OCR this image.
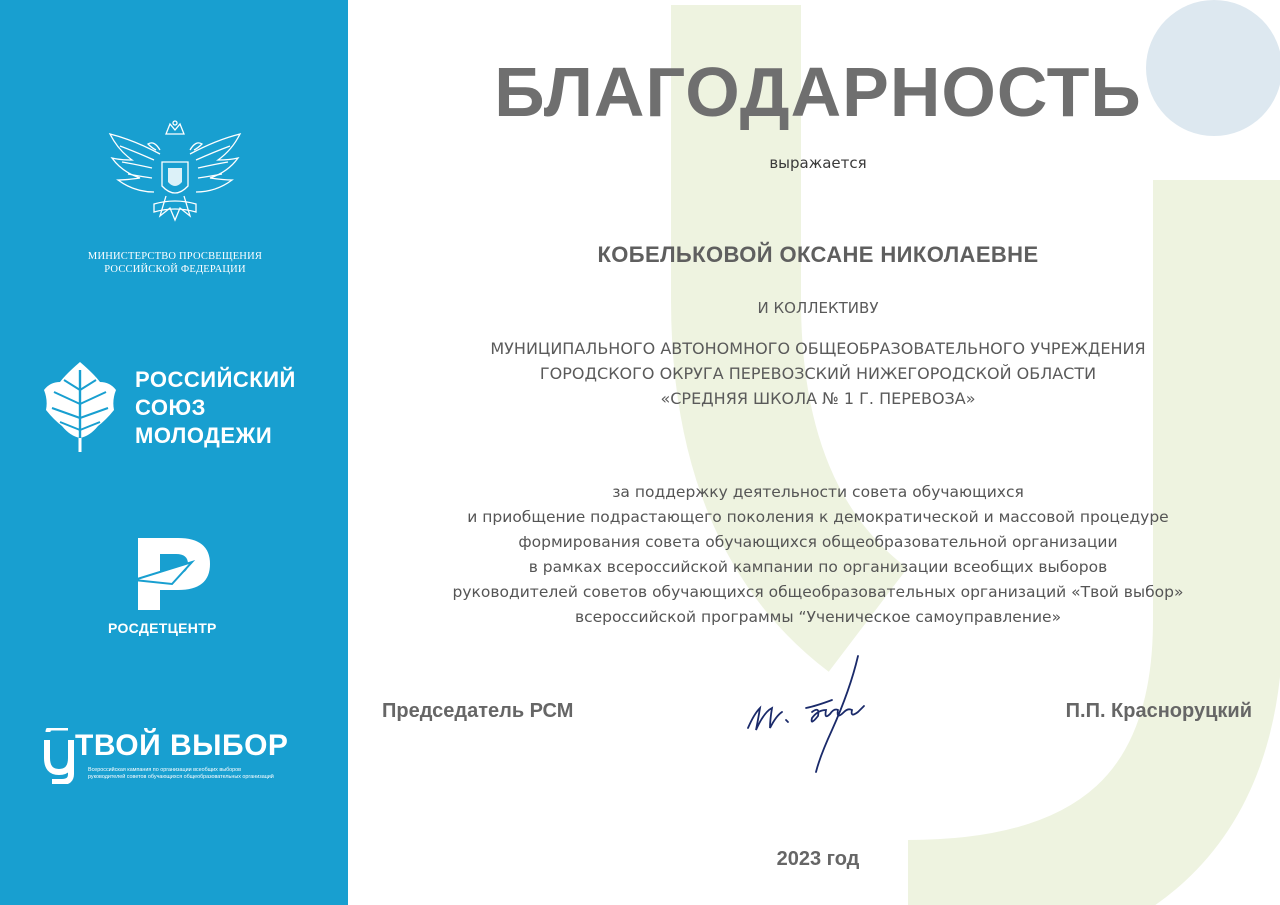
МИНИСТЕРСТВО ПРОСВЕЩЕНИЯ
РОССИЙСКОЙ ФЕДЕРАЦИИ
РОССИЙСКИЙ
СОЮЗ
МОЛОДЕЖИ
РОСДЕТЦЕНТР
ТВОЙ ВЫБОР
Всероссийская кампания по организации всеобщих выборов
руководителей советов обучающихся общеобразовательных организаций
БЛАГОДАРНОСТЬ
выражается
КОБЕЛЬКОВОЙ ОКСАНЕ НИКОЛАЕВНЕ
И КОЛЛЕКТИВУ
МУНИЦИПАЛЬНОГО АВТОНОМНОГО ОБЩЕОБРАЗОВАТЕЛЬНОГО УЧРЕЖДЕНИЯ
ГОРОДСКОГО ОКРУГА ПЕРЕВОЗСКИЙ НИЖЕГОРОДСКОЙ ОБЛАСТИ
«СРЕДНЯЯ ШКОЛА № 1 Г. ПЕРЕВОЗА»
за поддержку деятельности совета обучающихся
и приобщение подрастающего поколения к демократической и массовой процедуре
формирования совета обучающихся общеобразовательной организации
в рамках всероссийской кампании по организации всеобщих выборов
руководителей советов обучающихся общеобразовательных организаций «Твой выбор»
всероссийской программы “Ученическое самоуправление»
Председатель РСМ	П.П. Красноруцкий
2023 год
